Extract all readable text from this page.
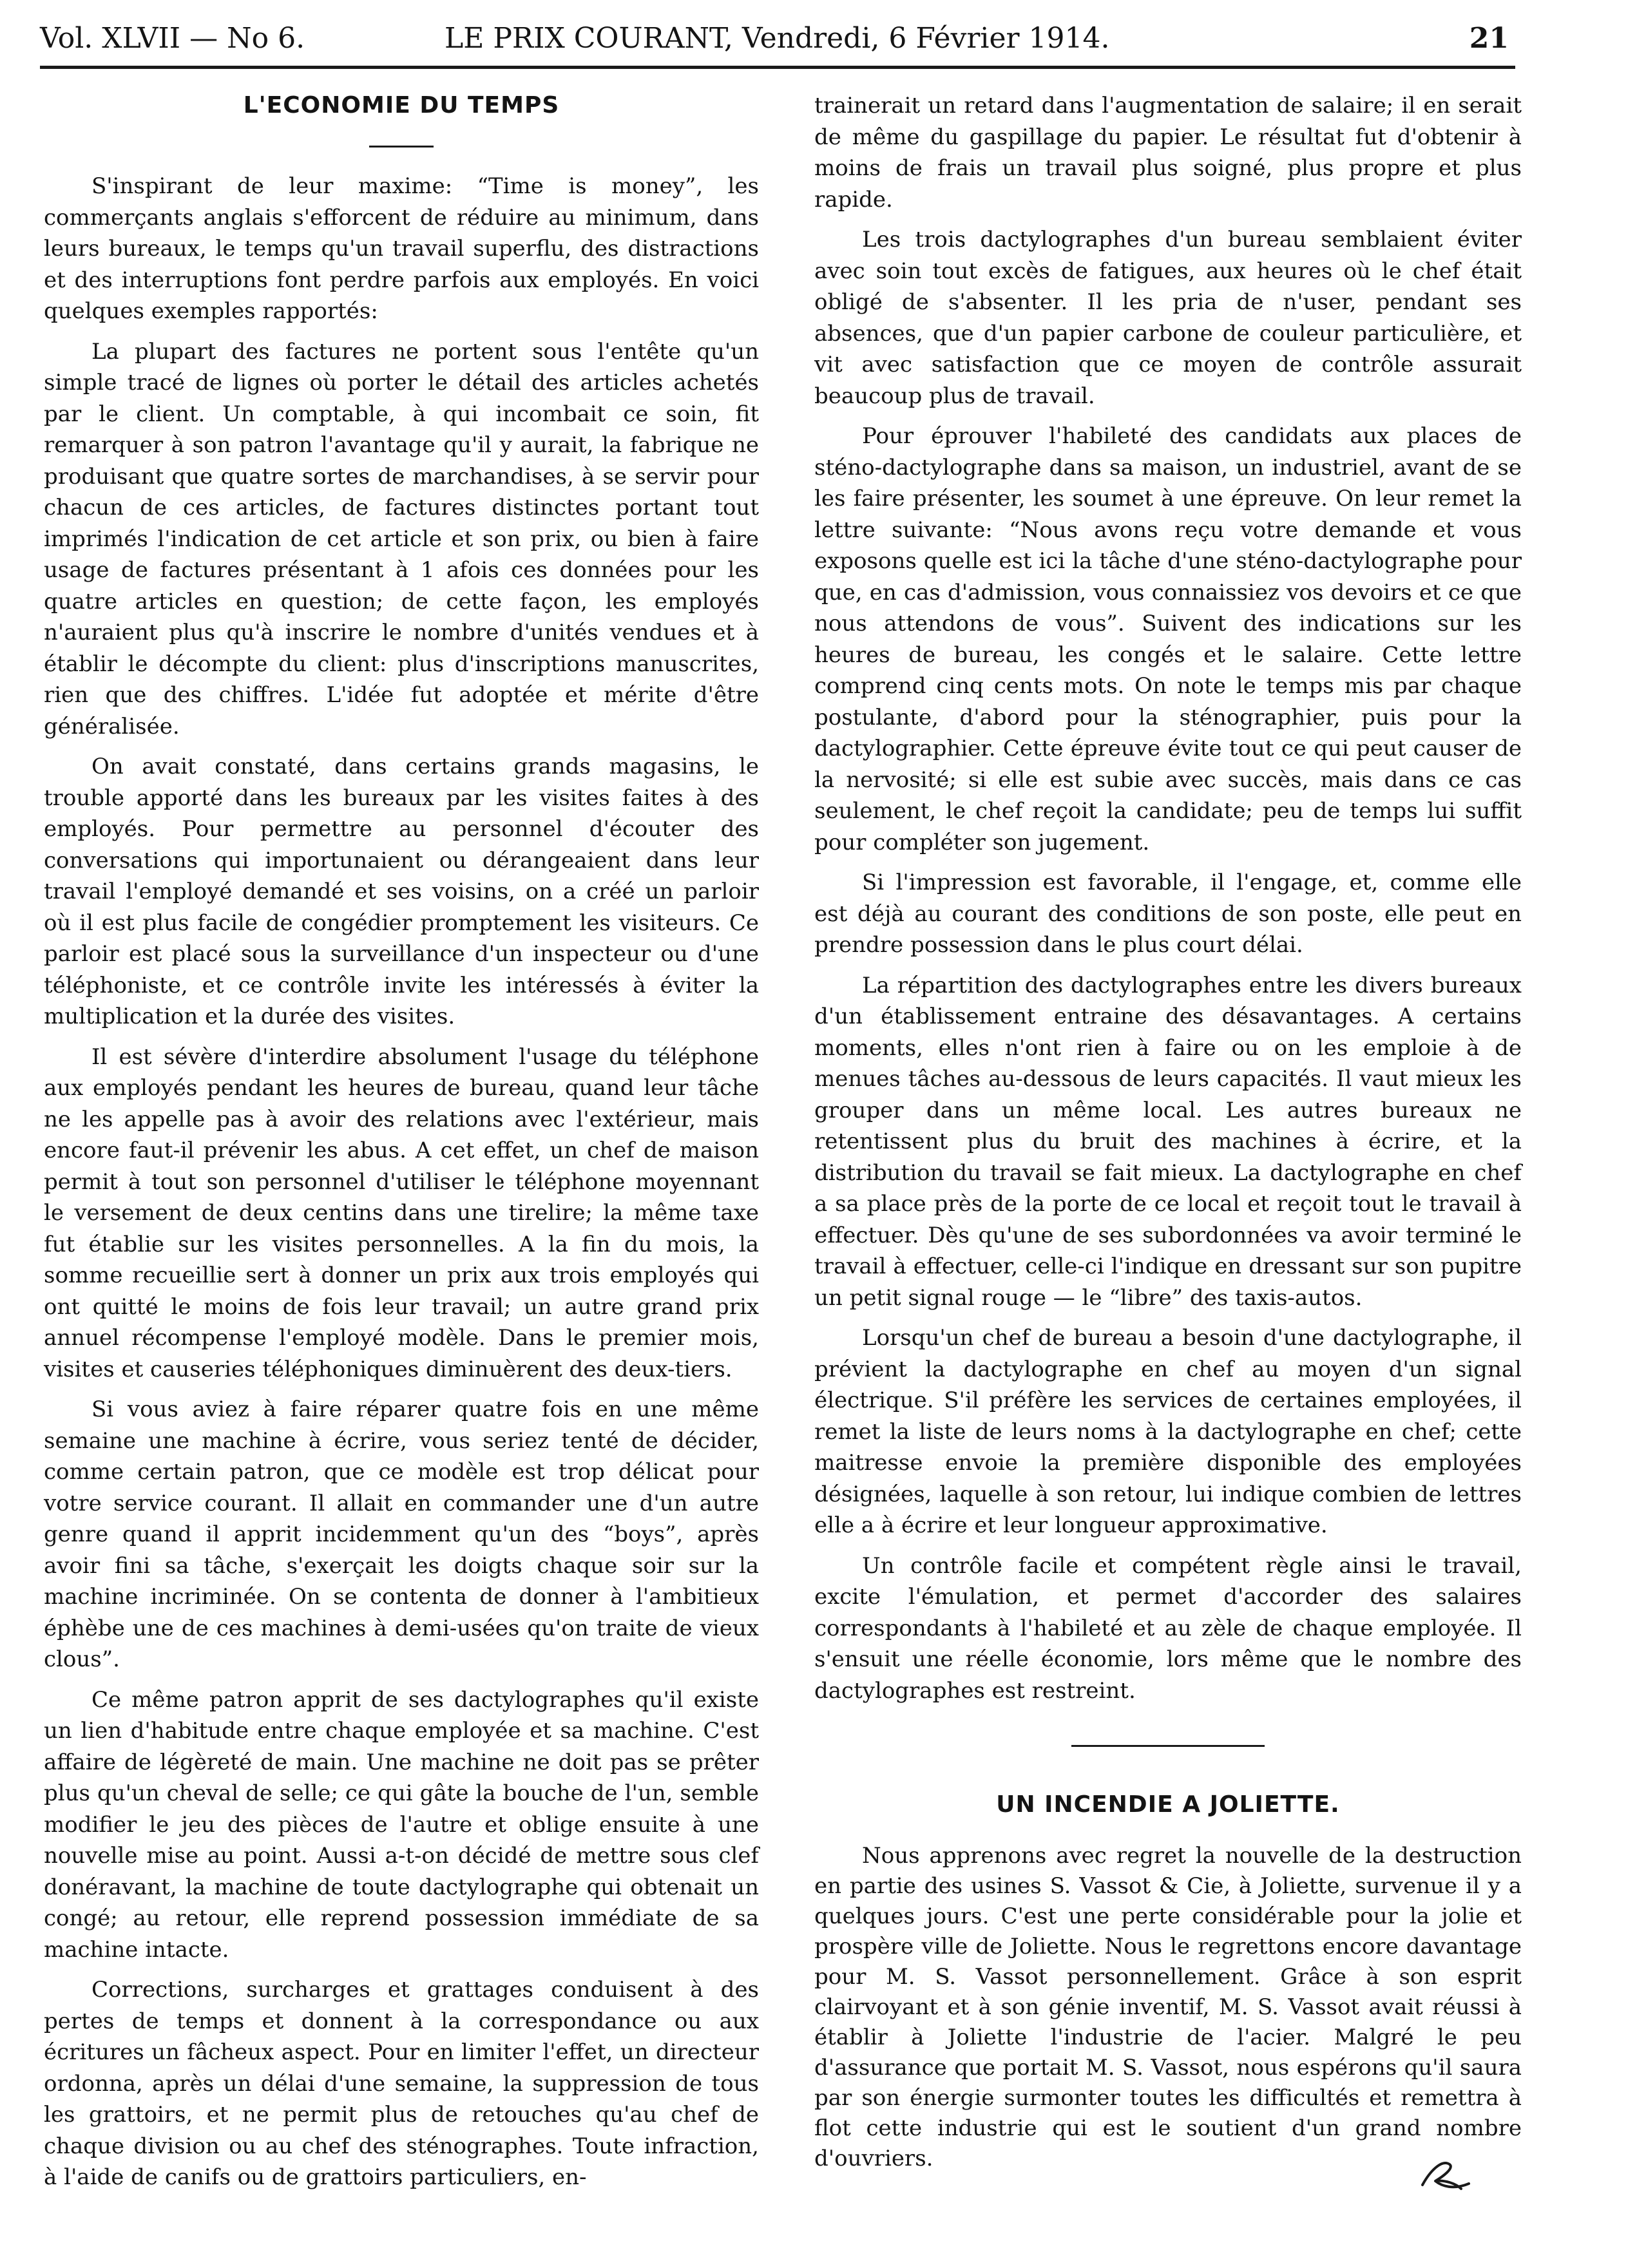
Vol. XLVII — No 6.	LE PRIX COURANT, Vendredi, 6 Février 1914.	21
L'ECONOMIE DU TEMPS

S'inspirant de leur maxime: “Time is money”, les commerçants anglais s'efforcent de réduire au minimum, dans leurs bureaux, le temps qu'un travail superflu, des distractions et des interruptions font perdre parfois aux employés. En voici quelques exemples rapportés:

La plupart des factures ne portent sous l'entête qu'un simple tracé de lignes où porter le détail des articles achetés par le client. Un comptable, à qui incombait ce soin, fit remarquer à son patron l'avantage qu'il y aurait, la fabrique ne produisant que quatre sortes de marchandises, à se servir pour chacun de ces articles, de factures distinctes portant tout imprimés l'indication de cet article et son prix, ou bien à faire usage de factures présentant à 1 afois ces données pour les quatre articles en question; de cette façon, les employés n'auraient plus qu'à inscrire le nombre d'unités vendues et à établir le décompte du client: plus d'inscriptions manuscrites, rien que des chiffres. L'idée fut adoptée et mérite d'être généralisée.

On avait constaté, dans certains grands magasins, le trouble apporté dans les bureaux par les visites faites à des employés. Pour permettre au personnel d'écouter des conversations qui importunaient ou dérangeaient dans leur travail l'employé demandé et ses voisins, on a créé un parloir où il est plus facile de congédier promptement les visiteurs. Ce parloir est placé sous la surveillance d'un inspecteur ou d'une téléphoniste, et ce contrôle invite les intéressés à éviter la multiplication et la durée des visites.

Il est sévère d'interdire absolument l'usage du téléphone aux employés pendant les heures de bureau, quand leur tâche ne les appelle pas à avoir des relations avec l'extérieur, mais encore faut-il prévenir les abus. A cet effet, un chef de maison permit à tout son personnel d'utiliser le téléphone moyennant le versement de deux centins dans une tirelire; la même taxe fut établie sur les visites personnelles. A la fin du mois, la somme recueillie sert à donner un prix aux trois employés qui ont quitté le moins de fois leur travail; un autre grand prix annuel récompense l'employé modèle. Dans le premier mois, visites et causeries téléphoniques diminuèrent des deux-tiers.

Si vous aviez à faire réparer quatre fois en une même semaine une machine à écrire, vous seriez tenté de décider, comme certain patron, que ce modèle est trop délicat pour votre service courant. Il allait en commander une d'un autre genre quand il apprit incidemment qu'un des “boys”, après avoir fini sa tâche, s'exerçait les doigts chaque soir sur la machine incriminée. On se contenta de donner à l'ambitieux éphèbe une de ces machines à demi-usées qu'on traite de vieux clous”.

Ce même patron apprit de ses dactylographes qu'il existe un lien d'habitude entre chaque employée et sa machine. C'est affaire de légèreté de main. Une machine ne doit pas se prêter plus qu'un cheval de selle; ce qui gâte la bouche de l'un, semble modifier le jeu des pièces de l'autre et oblige ensuite à une nouvelle mise au point. Aussi a-t-on décidé de mettre sous clef donéravant, la machine de toute dactylographe qui obtenait un congé; au retour, elle reprend possession immédiate de sa machine intacte.

Corrections, surcharges et grattages conduisent à des pertes de temps et donnent à la correspondance ou aux écritures un fâcheux aspect. Pour en limiter l'effet, un directeur ordonna, après un délai d'une semaine, la suppression de tous les grattoirs, et ne permit plus de retouches qu'au chef de chaque division ou au chef des sténographes. Toute infraction, à l'aide de canifs ou de grattoirs particuliers, en-

trainerait un retard dans l'augmentation de salaire; il en serait de même du gaspillage du papier. Le résultat fut d'obtenir à moins de frais un travail plus soigné, plus propre et plus rapide.

Les trois dactylographes d'un bureau semblaient éviter avec soin tout excès de fatigues, aux heures où le chef était obligé de s'absenter. Il les pria de n'user, pendant ses absences, que d'un papier carbone de couleur particulière, et vit avec satisfaction que ce moyen de contrôle assurait beaucoup plus de travail.

Pour éprouver l'habileté des candidats aux places de sténo-dactylographe dans sa maison, un industriel, avant de se les faire présenter, les soumet à une épreuve. On leur remet la lettre suivante: “Nous avons reçu votre demande et vous exposons quelle est ici la tâche d'une sténo-dactylographe pour que, en cas d'admission, vous connaissiez vos devoirs et ce que nous attendons de vous”. Suivent des indications sur les heures de bureau, les congés et le salaire. Cette lettre comprend cinq cents mots. On note le temps mis par chaque postulante, d'abord pour la sténographier, puis pour la dactylographier. Cette épreuve évite tout ce qui peut causer de la nervosité; si elle est subie avec succès, mais dans ce cas seulement, le chef reçoit la candidate; peu de temps lui suffit pour compléter son jugement.

Si l'impression est favorable, il l'engage, et, comme elle est déjà au courant des conditions de son poste, elle peut en prendre possession dans le plus court délai.

La répartition des dactylographes entre les divers bureaux d'un établissement entraine des désavantages. A certains moments, elles n'ont rien à faire ou on les emploie à de menues tâches au-dessous de leurs capacités. Il vaut mieux les grouper dans un même local. Les autres bureaux ne retentissent plus du bruit des machines à écrire, et la distribution du travail se fait mieux. La dactylographe en chef a sa place près de la porte de ce local et reçoit tout le travail à effectuer. Dès qu'une de ses subordonnées va avoir terminé le travail à effectuer, celle-ci l'indique en dressant sur son pupitre un petit signal rouge — le “libre” des taxis-autos.

Lorsqu'un chef de bureau a besoin d'une dactylographe, il prévient la dactylographe en chef au moyen d'un signal électrique. S'il préfère les services de certaines employées, il remet la liste de leurs noms à la dactylographe en chef; cette maitresse envoie la première disponible des employées désignées, laquelle à son retour, lui indique combien de lettres elle a à écrire et leur longueur approximative.

Un contrôle facile et compétent règle ainsi le travail, excite l'émulation, et permet d'accorder des salaires correspondants à l'habileté et au zèle de chaque employée. Il s'ensuit une réelle économie, lors même que le nombre des dactylographes est restreint.

UN INCENDIE A JOLIETTE.

Nous apprenons avec regret la nouvelle de la destruction en partie des usines S. Vassot & Cie, à Joliette, survenue il y a quelques jours. C'est une perte considérable pour la jolie et prospère ville de Joliette. Nous le regrettons encore davantage pour M. S. Vassot personnellement. Grâce à son esprit clairvoyant et à son génie inventif, M. S. Vassot avait réussi à établir à Joliette l'industrie de l'acier. Malgré le peu d'assurance que portait M. S. Vassot, nous espérons qu'il saura par son énergie surmonter toutes les difficultés et remettra à flot cette industrie qui est le soutient d'un grand nombre d'ouvriers.
